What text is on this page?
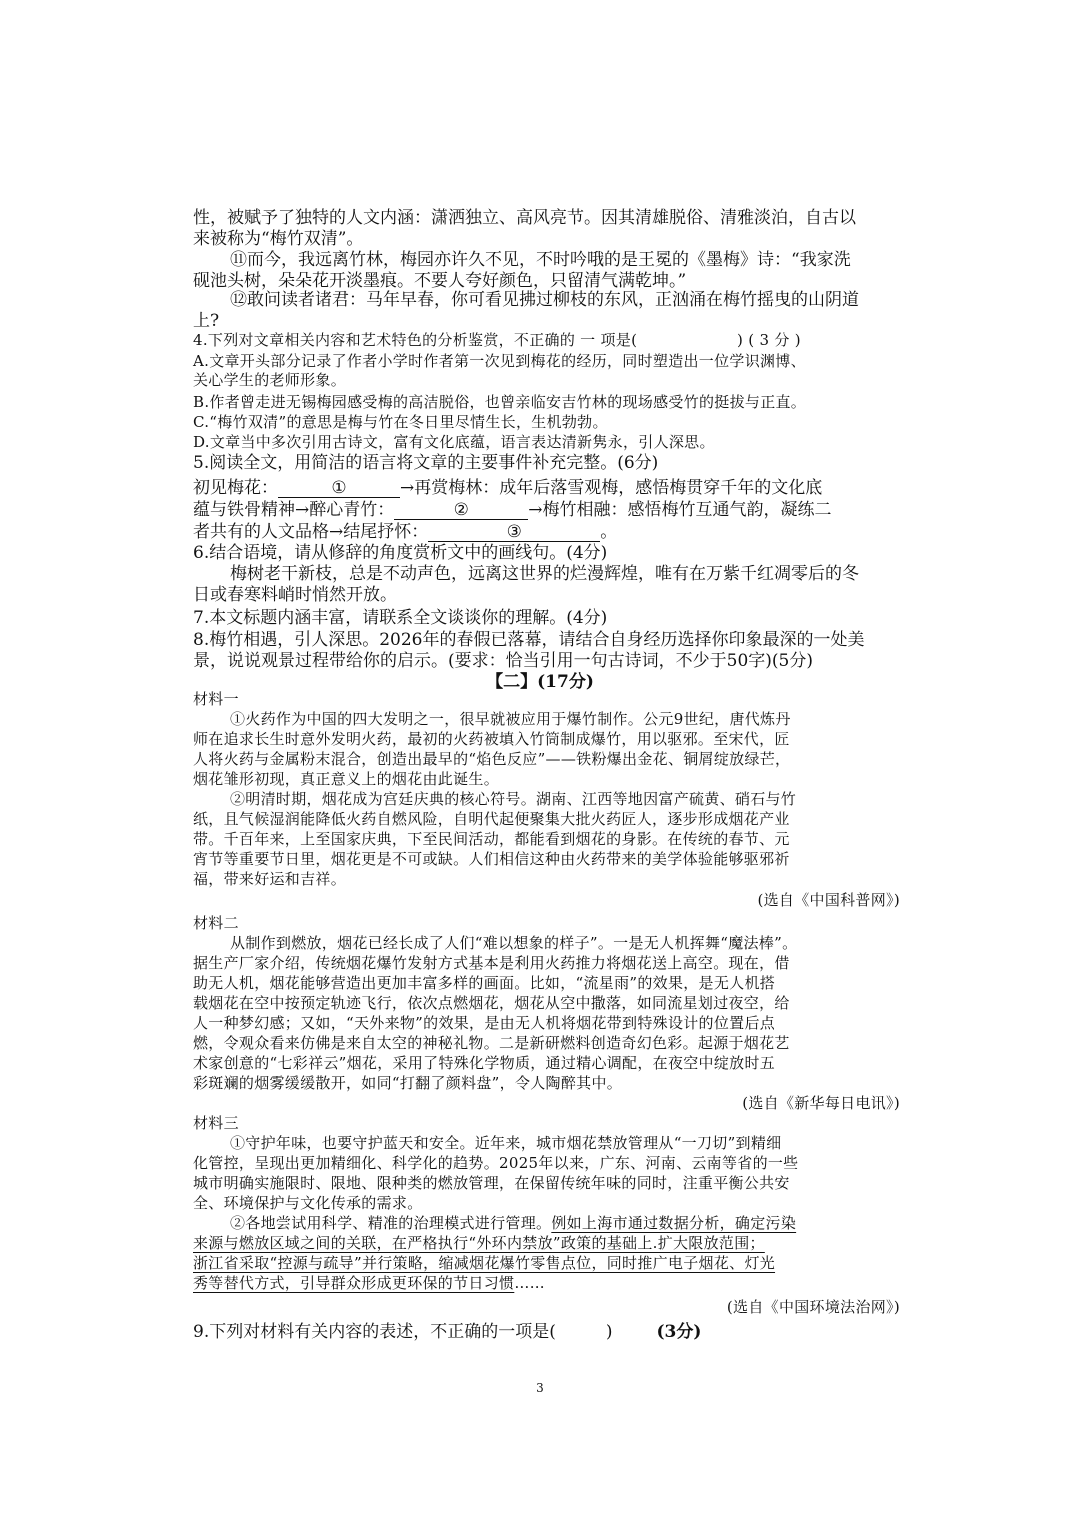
性，被赋予了独特的人文内涵：潇洒独立、高风亮节。因其清雄脱俗、清雅淡泊，自古以

来被称为“梅竹双清”。

⑪而今，我远离竹林，梅园亦许久不见，不时吟哦的是王冕的《墨梅》诗：“我家洗

砚池头树，朵朵花开淡墨痕。不要人夸好颜色，只留清气满乾坤。”

⑫敢问读者诸君：马年早春，你可看见拂过柳枝的东风，正汹涌在梅竹摇曳的山阴道

上?

4.下列对文章相关内容和艺术特色的分析鉴赏，不正确的 一 项是(	) ( 3 分 )

A.文章开头部分记录了作者小学时作者第一次见到梅花的经历，同时塑造出一位学识渊博、

关心学生的老师形象。

B.作者曾走进无锡梅园感受梅的高洁脱俗，也曾亲临安吉竹林的现场感受竹的挺拔与正直。

C.“梅竹双清”的意思是梅与竹在冬日里尽情生长，生机勃勃。

D.文章当中多次引用古诗文，富有文化底蕴，语言表达清新隽永，引人深思。

5.阅读全文，用简洁的语言将文章的主要事件补充完整。(6分)

初见梅花：	①	→再赏梅林：成年后落雪观梅，感悟梅贯穿千年的文化底

蕴与铁骨精神→醉心青竹：	②	→梅竹相融：感悟梅竹互通气韵，凝练二

者共有的人文品格→结尾抒怀：	③	。

6.结合语境，请从修辞的角度赏析文中的画线句。(4分)

梅树老干新枝，总是不动声色，远离这世界的烂漫辉煌，唯有在万紫千红凋零后的冬

日或春寒料峭时悄然开放。

7.本文标题内涵丰富，请联系全文谈谈你的理解。(4分)

8.梅竹相遇，引人深思。2026年的春假已落幕，请结合自身经历选择你印象最深的一处美

景，说说观景过程带给你的启示。(要求：恰当引用一句古诗词，不少于50字)(5分)

【二】(17分)

材料一

①火药作为中国的四大发明之一，很早就被应用于爆竹制作。公元9世纪，唐代炼丹

师在追求长生时意外发明火药，最初的火药被填入竹筒制成爆竹，用以驱邪。至宋代，匠

人将火药与金属粉末混合，创造出最早的“焰色反应”——铁粉爆出金花、铜屑绽放绿芒，

烟花雏形初现，真正意义上的烟花由此诞生。

②明清时期，烟花成为宫廷庆典的核心符号。湖南、江西等地因富产硫黄、硝石与竹

纸，且气候湿润能降低火药自燃风险，自明代起便聚集大批火药匠人，逐步形成烟花产业

带。千百年来，上至国家庆典，下至民间活动，都能看到烟花的身影。在传统的春节、元

宵节等重要节日里，烟花更是不可或缺。人们相信这种由火药带来的美学体验能够驱邪祈

福，带来好运和吉祥。

(选自《中国科普网》)

材料二

从制作到燃放，烟花已经长成了人们“难以想象的样子”。一是无人机挥舞“魔法棒”。

据生产厂家介绍，传统烟花爆竹发射方式基本是利用火药推力将烟花送上高空。现在，借

助无人机，烟花能够营造出更加丰富多样的画面。比如，“流星雨”的效果，是无人机搭

载烟花在空中按预定轨迹飞行，依次点燃烟花，烟花从空中撒落，如同流星划过夜空，给

人一种梦幻感；又如，“天外来物”的效果，是由无人机将烟花带到特殊设计的位置后点

燃，令观众看来仿佛是来自太空的神秘礼物。二是新研燃料创造奇幻色彩。起源于烟花艺

术家创意的“七彩祥云”烟花，采用了特殊化学物质，通过精心调配，在夜空中绽放时五

彩斑斓的烟雾缓缓散开，如同“打翻了颜料盘”，令人陶醉其中。

(选自《新华每日电讯》)

材料三

①守护年味，也要守护蓝天和安全。近年来，城市烟花禁放管理从“一刀切”到精细

化管控，呈现出更加精细化、科学化的趋势。2025年以来，广东、河南、云南等省的一些

城市明确实施限时、限地、限种类的燃放管理，在保留传统年味的同时，注重平衡公共安

全、环境保护与文化传承的需求。

②各地尝试用科学、精准的治理模式进行管理。例如上海市通过数据分析，确定污染

来源与燃放区域之间的关联，在严格执行“外环内禁放”政策的基础上.扩大限放范围；

浙江省采取“控源与疏导”并行策略，缩减烟花爆竹零售点位，同时推广电子烟花、灯光

秀等替代方式，引导群众形成更环保的节日习惯……

(选自《中国环境法治网》)

9.下列对材料有关内容的表述，不正确的一项是(	)	(3分)

3
